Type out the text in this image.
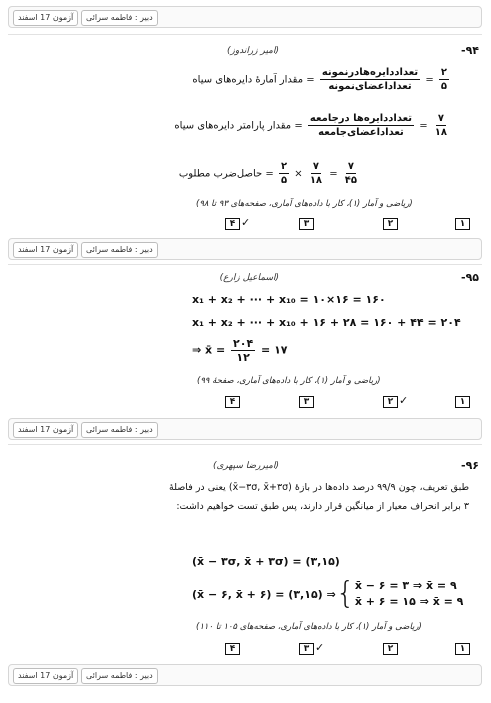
آزمون 17 اسفند	دبیر : فاطمه سرائی
-۹۴
(امیر زراندوز)
مقدار آمارهٔ دایره‌های سیاه = $\frac{\text{تعداددایره‌هادرنمونه}}{\text{تعداداعضای‌نمونه}} = \frac{۲}{۵}$
مقدار پارامتر دایره‌های سیاه = $\frac{\text{تعداددایره‌ها درجامعه}}{\text{تعداداعضای‌جامعه}} = \frac{۷}{۱۸}$
حاصل‌ضرب مطلوب = $\frac{۲}{۵} \times \frac{۷}{۱۸} = \frac{۷}{۴۵}$
(ریاضی و آمار (۱)، کار با داده‌های آماری، صفحه‌های ۹۳ تا ۹۸)
۱
۲
۳
۴ ✓
آزمون 17 اسفند	دبیر : فاطمه سرائی
-۹۵
(اسماعیل زارع)
x₁ + x₂ + ··· + x₁₀ = ۱۰×۱۶ = ۱۶۰
x₁ + x₂ + ··· + x₁₀ + ۱۶ + ۲۸ = ۱۶۰ + ۴۴ = ۲۰۴
⇒ x̄ = $\frac{۲۰۴}{۱۲}$ = ۱۷
(ریاضی و آمار (۱)، کار با داده‌های آماری، صفحهٔ ۹۹)
۱
۲ ✓
۳
۴
آزمون 17 اسفند	دبیر : فاطمه سرائی
-۹۶
(امیررضا سپهری)
طبق تعریف، چون ۹۹/۹ درصد داده‌ها در بازهٔ (x̄−۳σ, x̄+۳σ) یعنی در فاصلهٔ ۳ برابر انحراف معیار از میانگین قرار دارند، پس طبق تست خواهیم داشت:
(x̄ − ۳σ, x̄ + ۳σ) = (۳,۱۵)
(x̄ − ۶, x̄ + ۶) = (۳,۱۵) ⇒ { x̄ − ۶ = ۳ ⇒ x̄ = ۹
x̄ + ۶ = ۱۵ ⇒ x̄ = ۹
(ریاضی و آمار (۱)، کار با داده‌های آماری، صفحه‌های ۱۰۵ تا ۱۱۰)
۱
۲
۳ ✓
۴
آزمون 17 اسفند	دبیر : فاطمه سرائی
